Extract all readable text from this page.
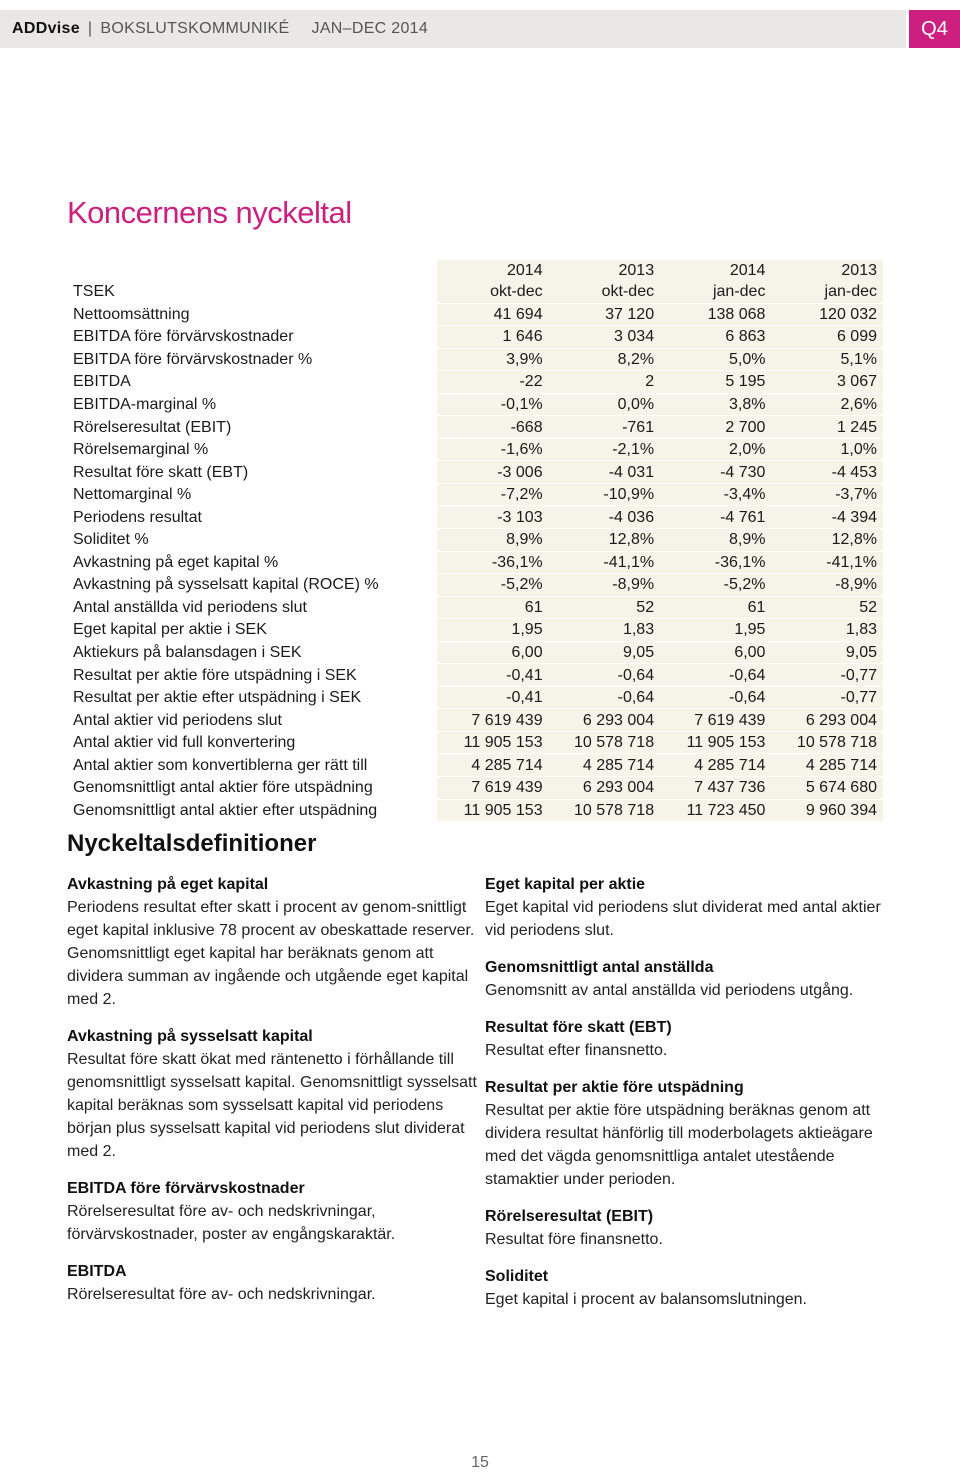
ADDvise | BOKSLUTSKOMMUNIKÉ JAN–DEC 2014	Q4
Koncernens nyckeltal
	2014	2013	2014	2013
TSEK	okt-dec	okt-dec	jan-dec	jan-dec
Nettoomsättning	41 694	37 120	138 068	120 032
EBITDA före förvärvskostnader	1 646	3 034	6 863	6 099
EBITDA före förvärvskostnader %	3,9%	8,2%	5,0%	5,1%
EBITDA	-22	2	5 195	3 067
EBITDA-marginal %	-0,1%	0,0%	3,8%	2,6%
Rörelseresultat (EBIT)	-668	-761	2 700	1 245
Rörelsemarginal %	-1,6%	-2,1%	2,0%	1,0%
Resultat före skatt (EBT)	-3 006	-4 031	-4 730	-4 453
Nettomarginal %	-7,2%	-10,9%	-3,4%	-3,7%
Periodens resultat	-3 103	-4 036	-4 761	-4 394
Soliditet %	8,9%	12,8%	8,9%	12,8%
Avkastning på eget kapital %	-36,1%	-41,1%	-36,1%	-41,1%
Avkastning på sysselsatt kapital (ROCE) %	-5,2%	-8,9%	-5,2%	-8,9%
Antal anställda vid periodens slut	61	52	61	52
Eget kapital per aktie i SEK	1,95	1,83	1,95	1,83
Aktiekurs på balansdagen i SEK	6,00	9,05	6,00	9,05
Resultat per aktie före utspädning i SEK	-0,41	-0,64	-0,64	-0,77
Resultat per aktie efter utspädning i SEK	-0,41	-0,64	-0,64	-0,77
Antal aktier vid periodens slut	7 619 439	6 293 004	7 619 439	6 293 004
Antal aktier vid full konvertering	11 905 153	10 578 718	11 905 153	10 578 718
Antal aktier som konvertiblerna ger rätt till	4 285 714	4 285 714	4 285 714	4 285 714
Genomsnittligt antal aktier före utspädning	7 619 439	6 293 004	7 437 736	5 674 680
Genomsnittligt antal aktier efter utspädning	11 905 153	10 578 718	11 723 450	9 960 394
Nyckeltalsdefinitioner
Avkastning på eget kapital
Periodens resultat efter skatt i procent av genom-snittligt eget kapital inklusive 78 procent av obeskattade reserver. Genomsnittligt eget kapital har beräknats genom att dividera summan av ingående och utgående eget kapital med 2.
Avkastning på sysselsatt kapital
Resultat före skatt ökat med räntenetto i förhållande till genomsnittligt sysselsatt kapital. Genomsnittligt sysselsatt kapital beräknas som sysselsatt kapital vid periodens början plus sysselsatt kapital vid periodens slut dividerat med 2.
EBITDA före förvärvskostnader
Rörelseresultat före av- och nedskrivningar, förvärvskostnader, poster av engångskaraktär.
EBITDA
Rörelseresultat före av- och nedskrivningar.
Eget kapital per aktie
Eget kapital vid periodens slut dividerat med antal aktier vid periodens slut.
Genomsnittligt antal anställda
Genomsnitt av antal anställda vid periodens utgång.
Resultat före skatt (EBT)
Resultat efter finansnetto.
Resultat per aktie före utspädning
Resultat per aktie före utspädning beräknas genom att dividera resultat hänförlig till moderbolagets aktieägare med det vägda genomsnittliga antalet utestående stamaktier under perioden.
Rörelseresultat (EBIT)
Resultat före finansnetto.
Soliditet
Eget kapital i procent av balansomslutningen.
15
